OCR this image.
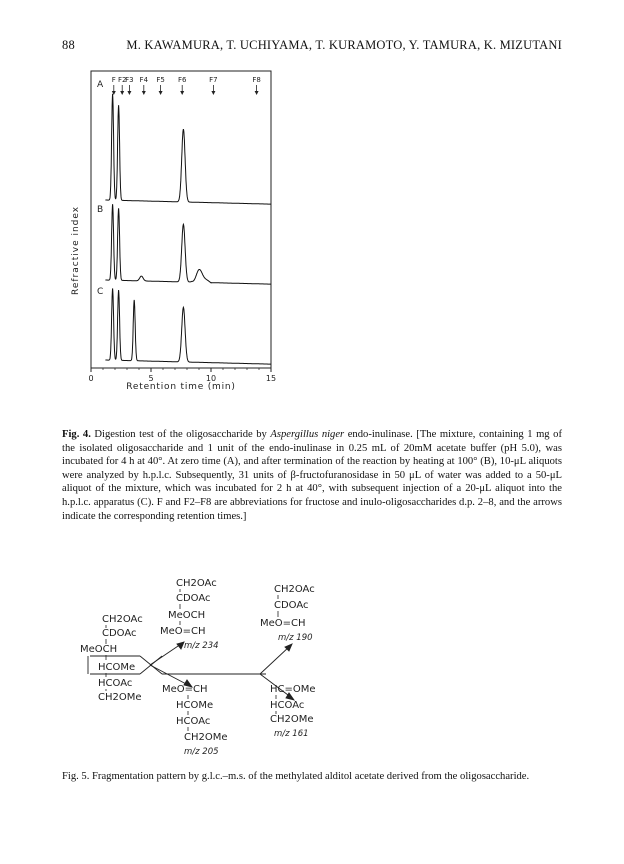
88	M. KAWAMURA, T. UCHIYAMA, T. KURAMOTO, Y. TAMURA, K. MIZUTANI
0	5	10	15
F F2
F3 F4 F5 F6	F7	F8
A
B
C
Refractive index
Retention time (min)
Fig. 4. Digestion test of the oligosaccharide by Aspergillus niger endo-inulinase. [The mixture, containing 1 mg of the isolated oligosaccharide and 1 unit of the endo-inulinase in 0.25 mL of 20mM acetate buffer (pH 5.0), was incubated for 4 h at 40°. At zero time (A), and after termination of the reaction by heating at 100° (B), 10-μL aliquots were analyzed by h.p.l.c. Subsequently, 31 units of β-fructofuranosidase in 50 μL of water was added to a 50-μL aliquot of the mixture, which was incubated for 2 h at 40°, with subsequent injection of a 20-μL aliquot into the h.p.l.c. apparatus (C). F and F2–F8 are abbreviations for fructose and inulo-oligosaccharides d.p. 2–8, and the arrows indicate the corresponding retention times.]
CH2OAc
CDOAc
MeOCH
HCOMe
HCOAc
CH2OMe
CH2OAc
CDOAc
MeOCH
MeO=CH
m/z 234
CH2OAc
CDOAc
MeO=CH
m/z 190
MeO=CH
HCOMe
HCOAc
CH2OMe
m/z 205
HC=OMe
HCOAc
CH2OMe
m/z 161
Fig. 5. Fragmentation pattern by g.l.c.–m.s. of the methylated alditol acetate derived from the oligosaccharide.
